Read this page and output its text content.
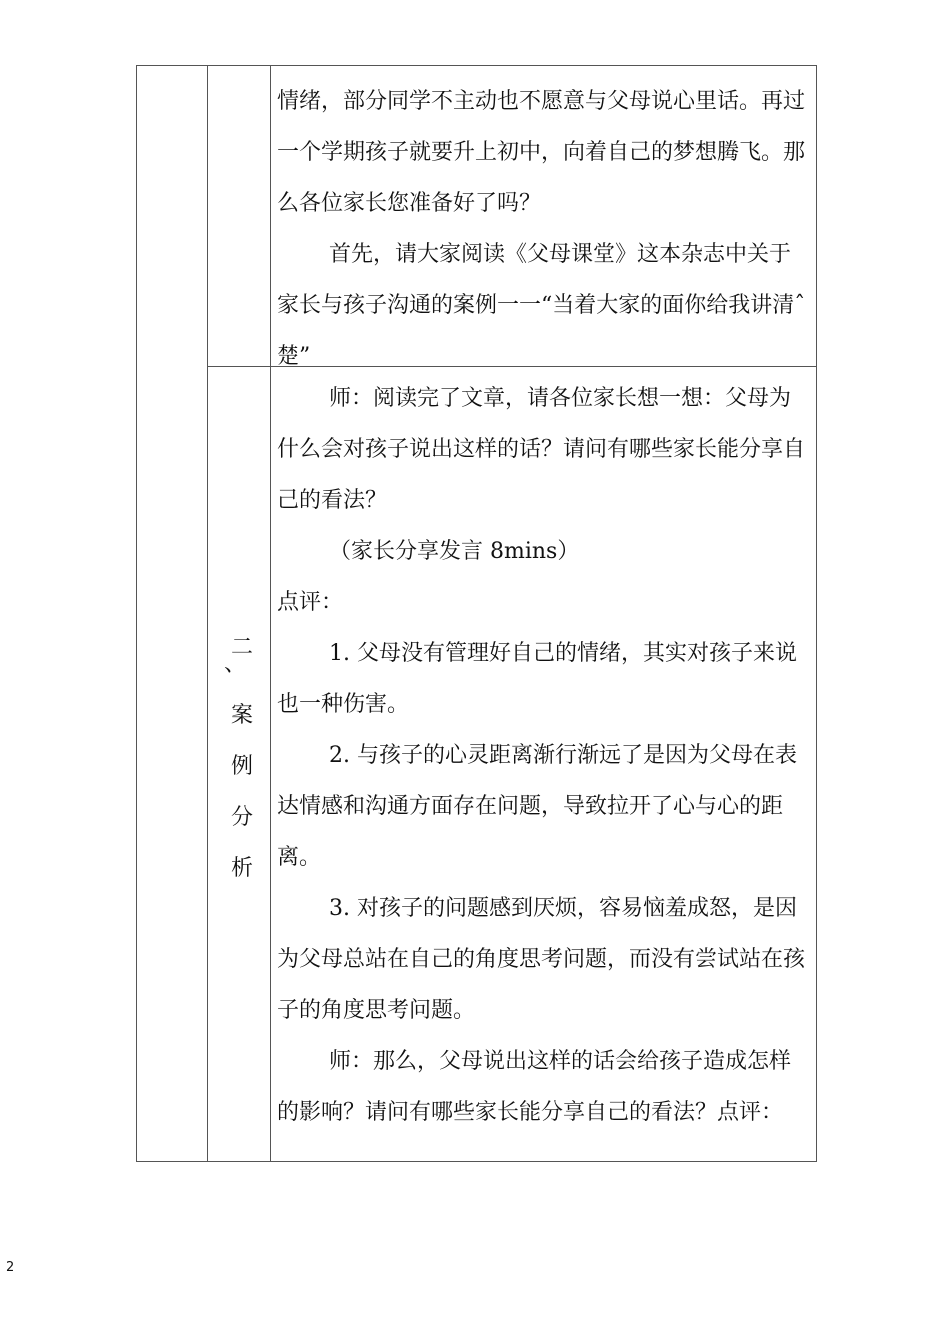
情绪，部分同学不主动也不愿意与父母说心里话。再过一个学期孩子就要升上初中，向着自己的梦想腾飞。那么各位家长您准备好了吗？

首先，请大家阅读《父母课堂》这本杂志中关于家长与孩子沟通的案例一一“当着大家的面你给我讲清ˆ楚”

二
、
案
例
分
析

师：阅读完了文章，请各位家长想一想：父母为什么会对孩子说出这样的话？请问有哪些家长能分享自己的看法？

（家长分享发言 8mins）

点评：

1. 父母没有管理好自己的情绪，其实对孩子来说也一种伤害。

2. 与孩子的心灵距离渐行渐远了是因为父母在表达情感和沟通方面存在问题，导致拉开了心与心的距离。

3. 对孩子的问题感到厌烦，容易恼羞成怒，是因为父母总站在自己的角度思考问题，而没有尝试站在孩子的角度思考问题。

师：那么，父母说出这样的话会给孩子造成怎样的影响？请问有哪些家长能分享自己的看法？点评：

2
